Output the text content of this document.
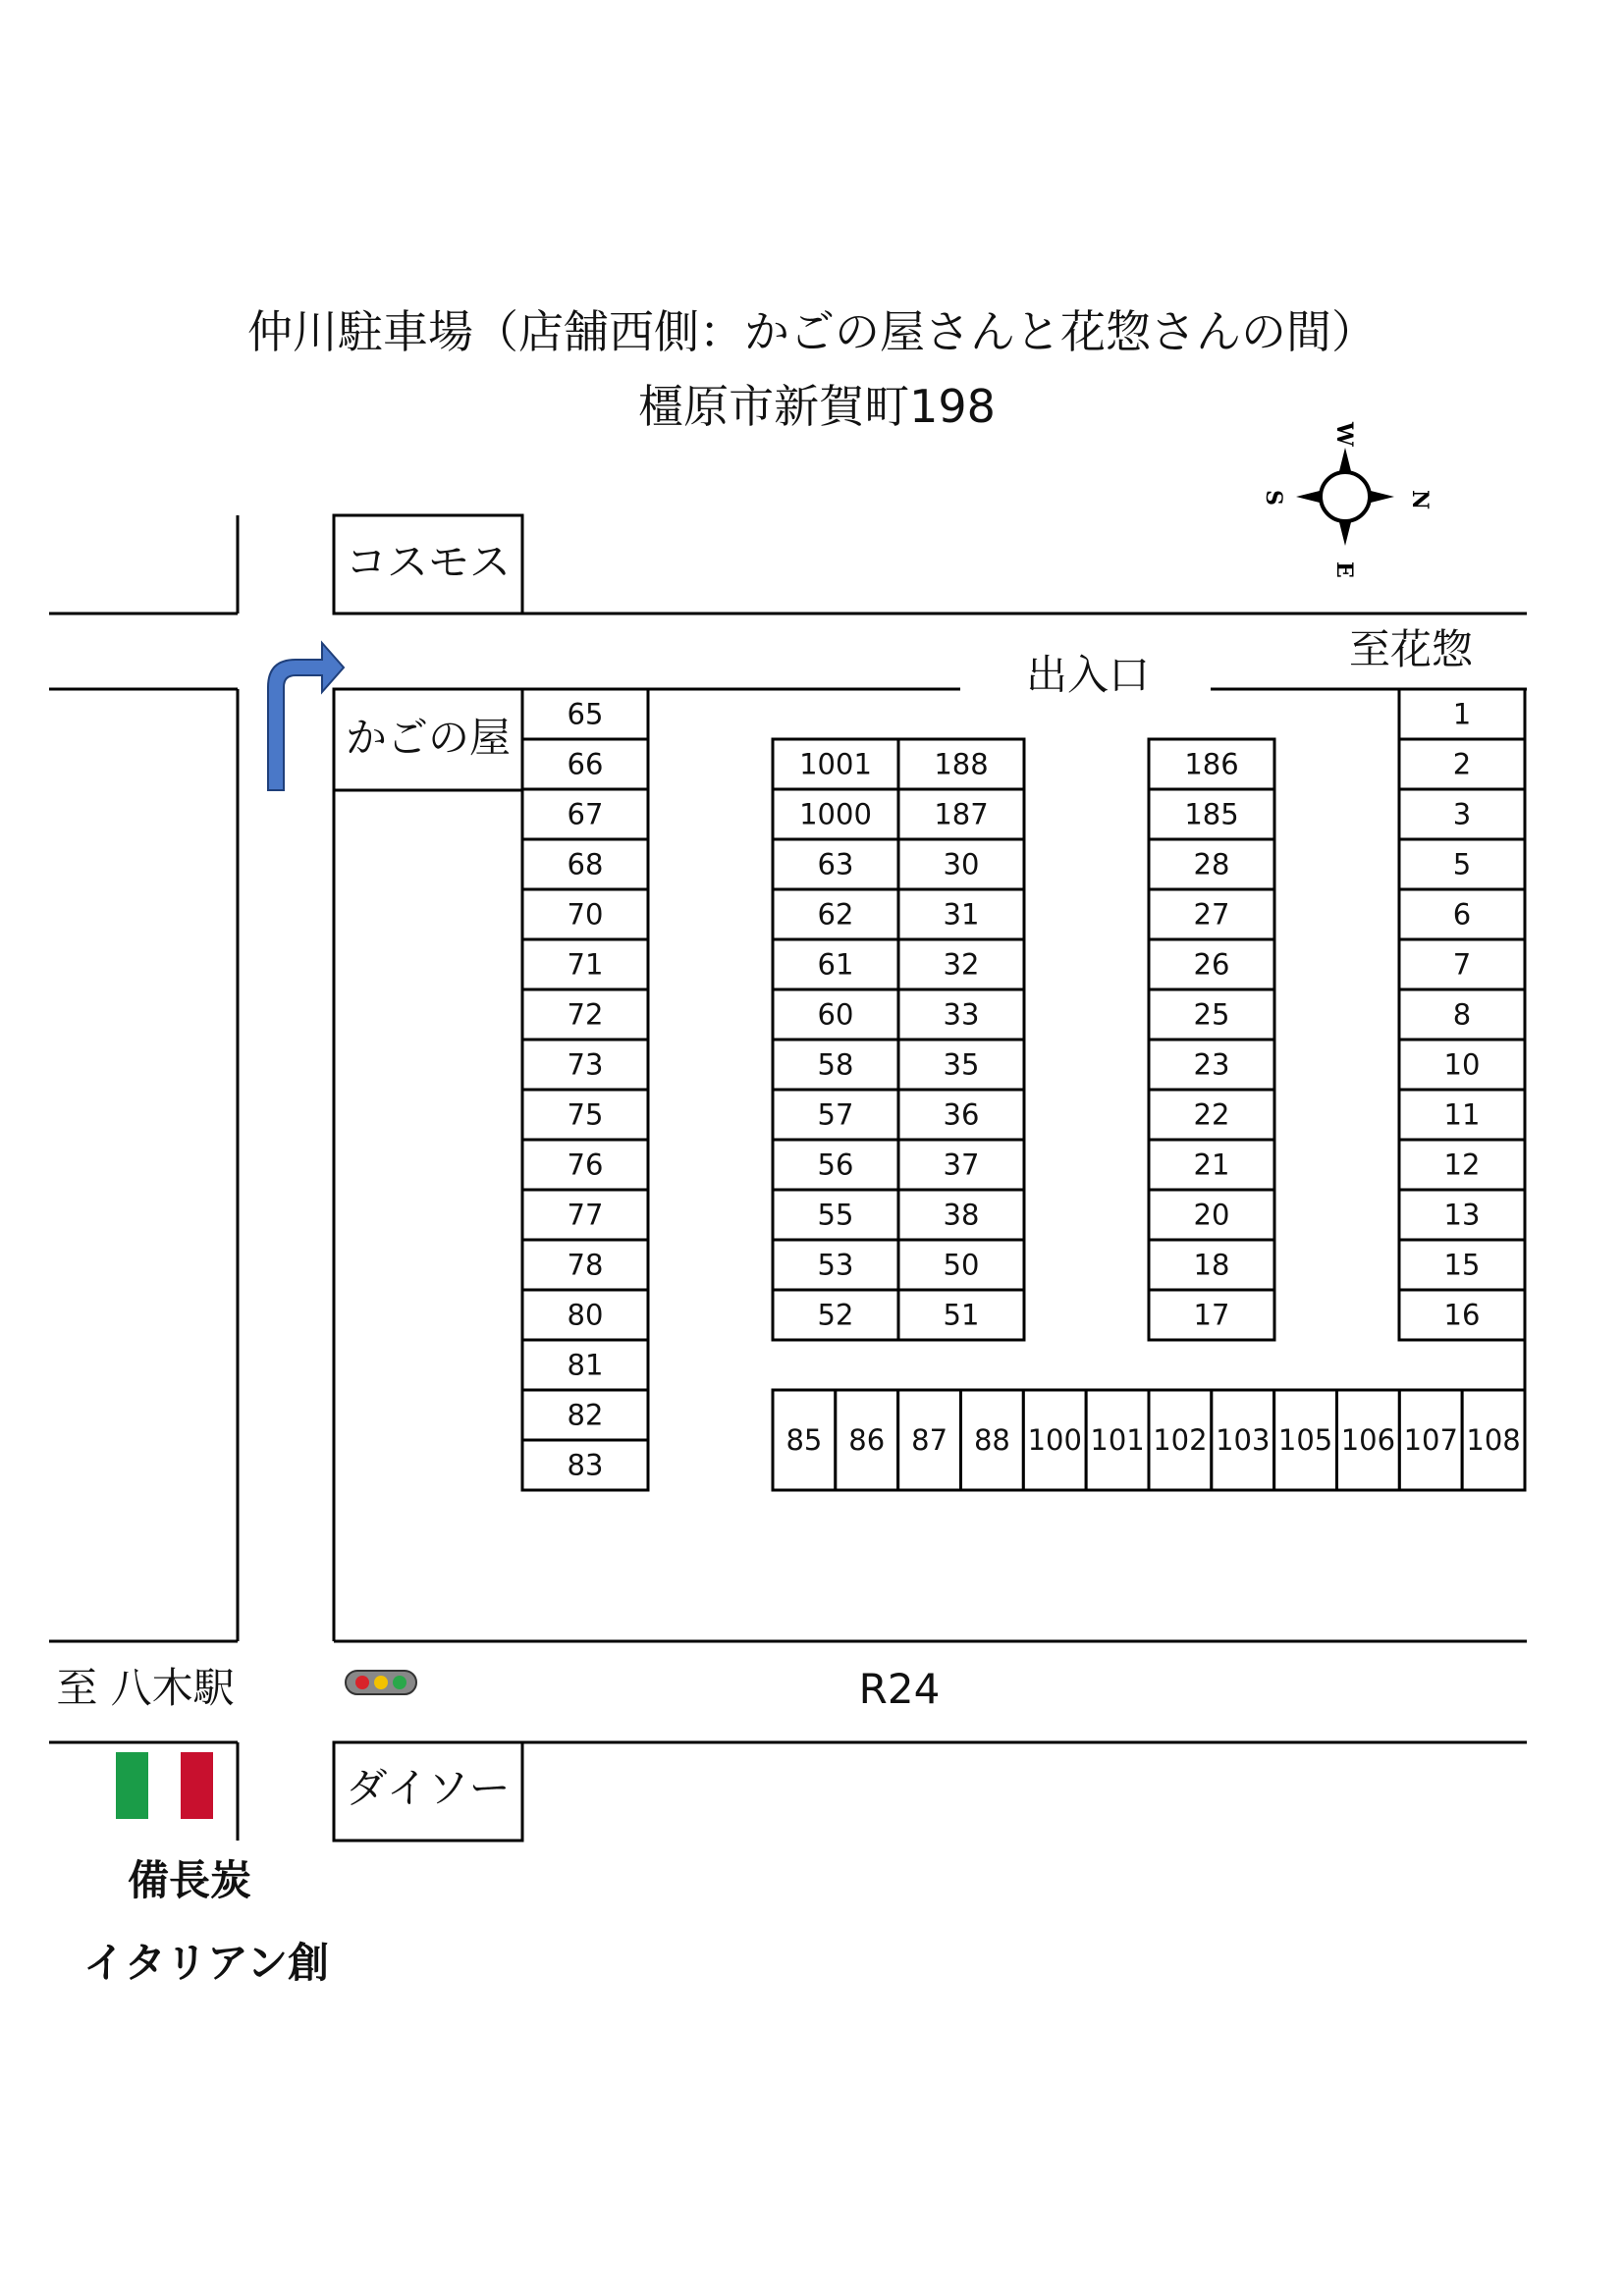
仲川駐車場（店舗西側：かごの屋さんと花惣さんの間）
橿原市新賀町198
W
N
E
S
コスモス
かごの屋
ダイソー
出入口
至花惣
至 八木駅	R24
備長炭
イタリアン創
65
66
67
68
70
71
72
73
75
76
77
78
80
81
82
83
1001
1000
63
62
61
60
58
57
56
55
53
52
188
187
30
31
32
33
35
36
37
38
50
51
186
185
28
27
26
25
23
22
21
20
18
17
1
2
3
5
6
7
8
10
11
12
13
15
16
85 86 87 88 100 101 102 103 105 106 107 108
